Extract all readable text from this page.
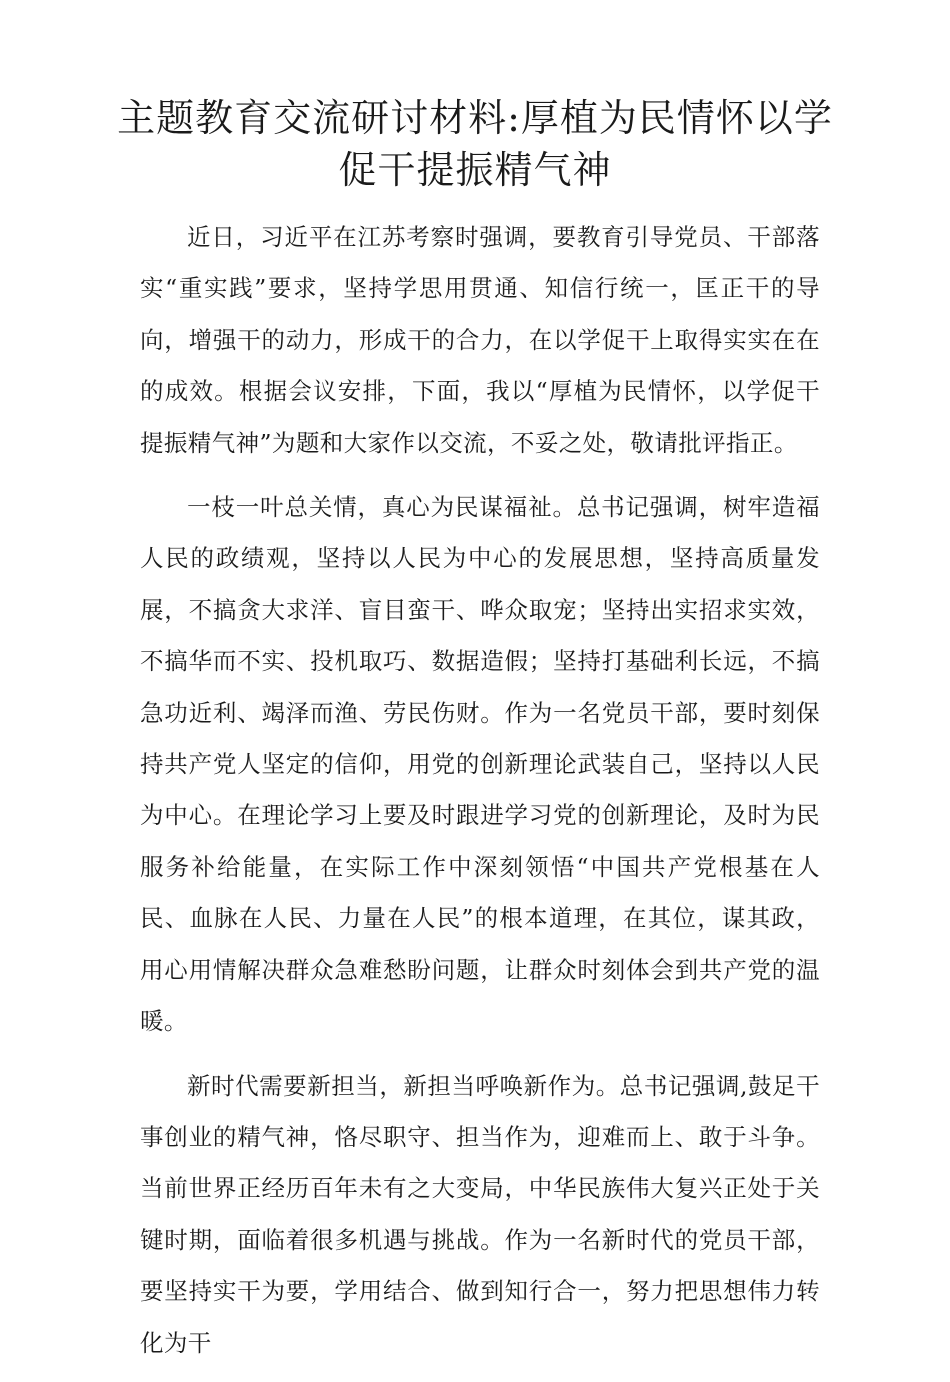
主题教育交流研讨材料:厚植为民情怀以学
促干提振精气神

近日，习近平在江苏考察时强调，要教育引导党员、干部落实“重实践”要求，坚持学思用贯通、知信行统一，匡正干的导向，增强干的动力，形成干的合力，在以学促干上取得实实在在的成效。根据会议安排，下面，我以“厚植为民情怀，以学促干提振精气神”为题和大家作以交流，不妥之处，敬请批评指正。

一枝一叶总关情，真心为民谋福祉。总书记强调，树牢造福人民的政绩观，坚持以人民为中心的发展思想，坚持高质量发展，不搞贪大求洋、盲目蛮干、哗众取宠；坚持出实招求实效，不搞华而不实、投机取巧、数据造假；坚持打基础利长远，不搞急功近利、竭泽而渔、劳民伤财。作为一名党员干部，要时刻保持共产党人坚定的信仰，用党的创新理论武装自己，坚持以人民为中心。在理论学习上要及时跟进学习党的创新理论，及时为民服务补给能量，在实际工作中深刻领悟“中国共产党根基在人民、血脉在人民、力量在人民”的根本道理，在其位，谋其政，用心用情解决群众急难愁盼问题，让群众时刻体会到共产党的温暖。

新时代需要新担当，新担当呼唤新作为。总书记强调,鼓足干事创业的精气神，恪尽职守、担当作为，迎难而上、敢于斗争。当前世界正经历百年未有之大变局，中华民族伟大复兴正处于关键时期，面临着很多机遇与挑战。作为一名新时代的党员干部，要坚持实干为要，学用结合、做到知行合一，努力把思想伟力转化为干
